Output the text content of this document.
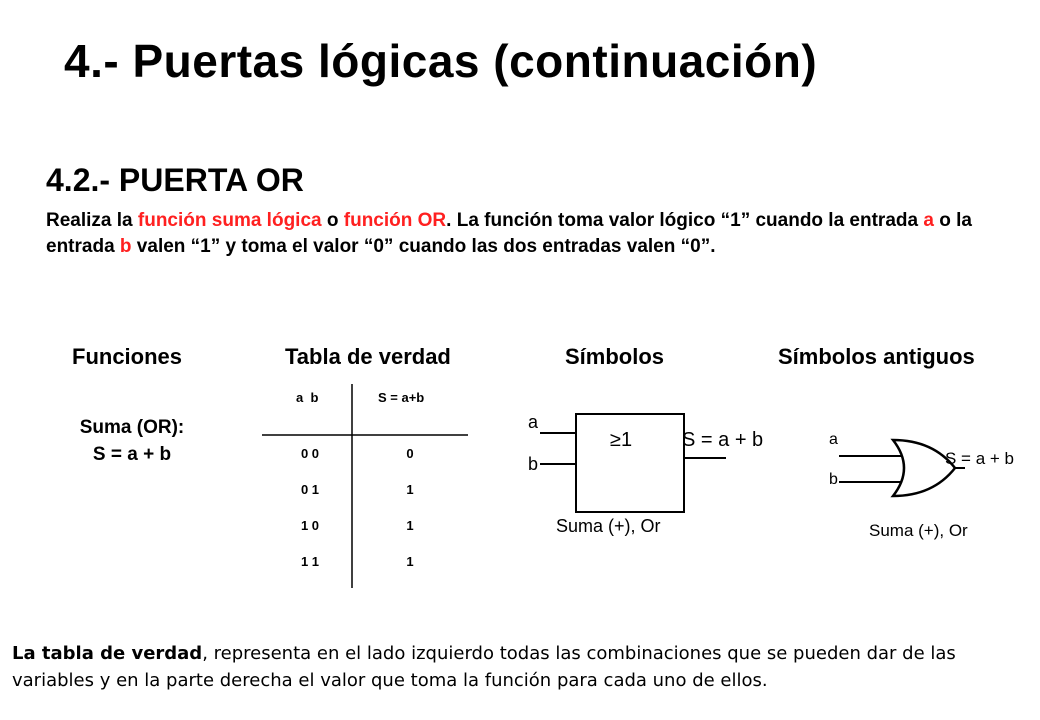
4.- Puertas lógicas (continuación)
4.2.- PUERTA OR
Realiza la función suma lógica o función OR. La función toma valor lógico “1” cuando la entrada a o la entrada b valen “1” y toma el valor “0” cuando las dos entradas valen “0”.
Funciones	Tabla de verdad	Símbolos	Símbolos antiguos
Suma (OR):
S = a + b
a  b	S = a+b
0 0	0
0 1	1
1 0	1
1 1	1
a
b
≥1 S = a + b
Suma (+), Or
a
b
S = a + b
Suma (+), Or
La tabla de verdad, representa en el lado izquierdo todas las combinaciones que se pueden dar de las variables y en la parte derecha el valor que toma la función para cada uno de ellos.
